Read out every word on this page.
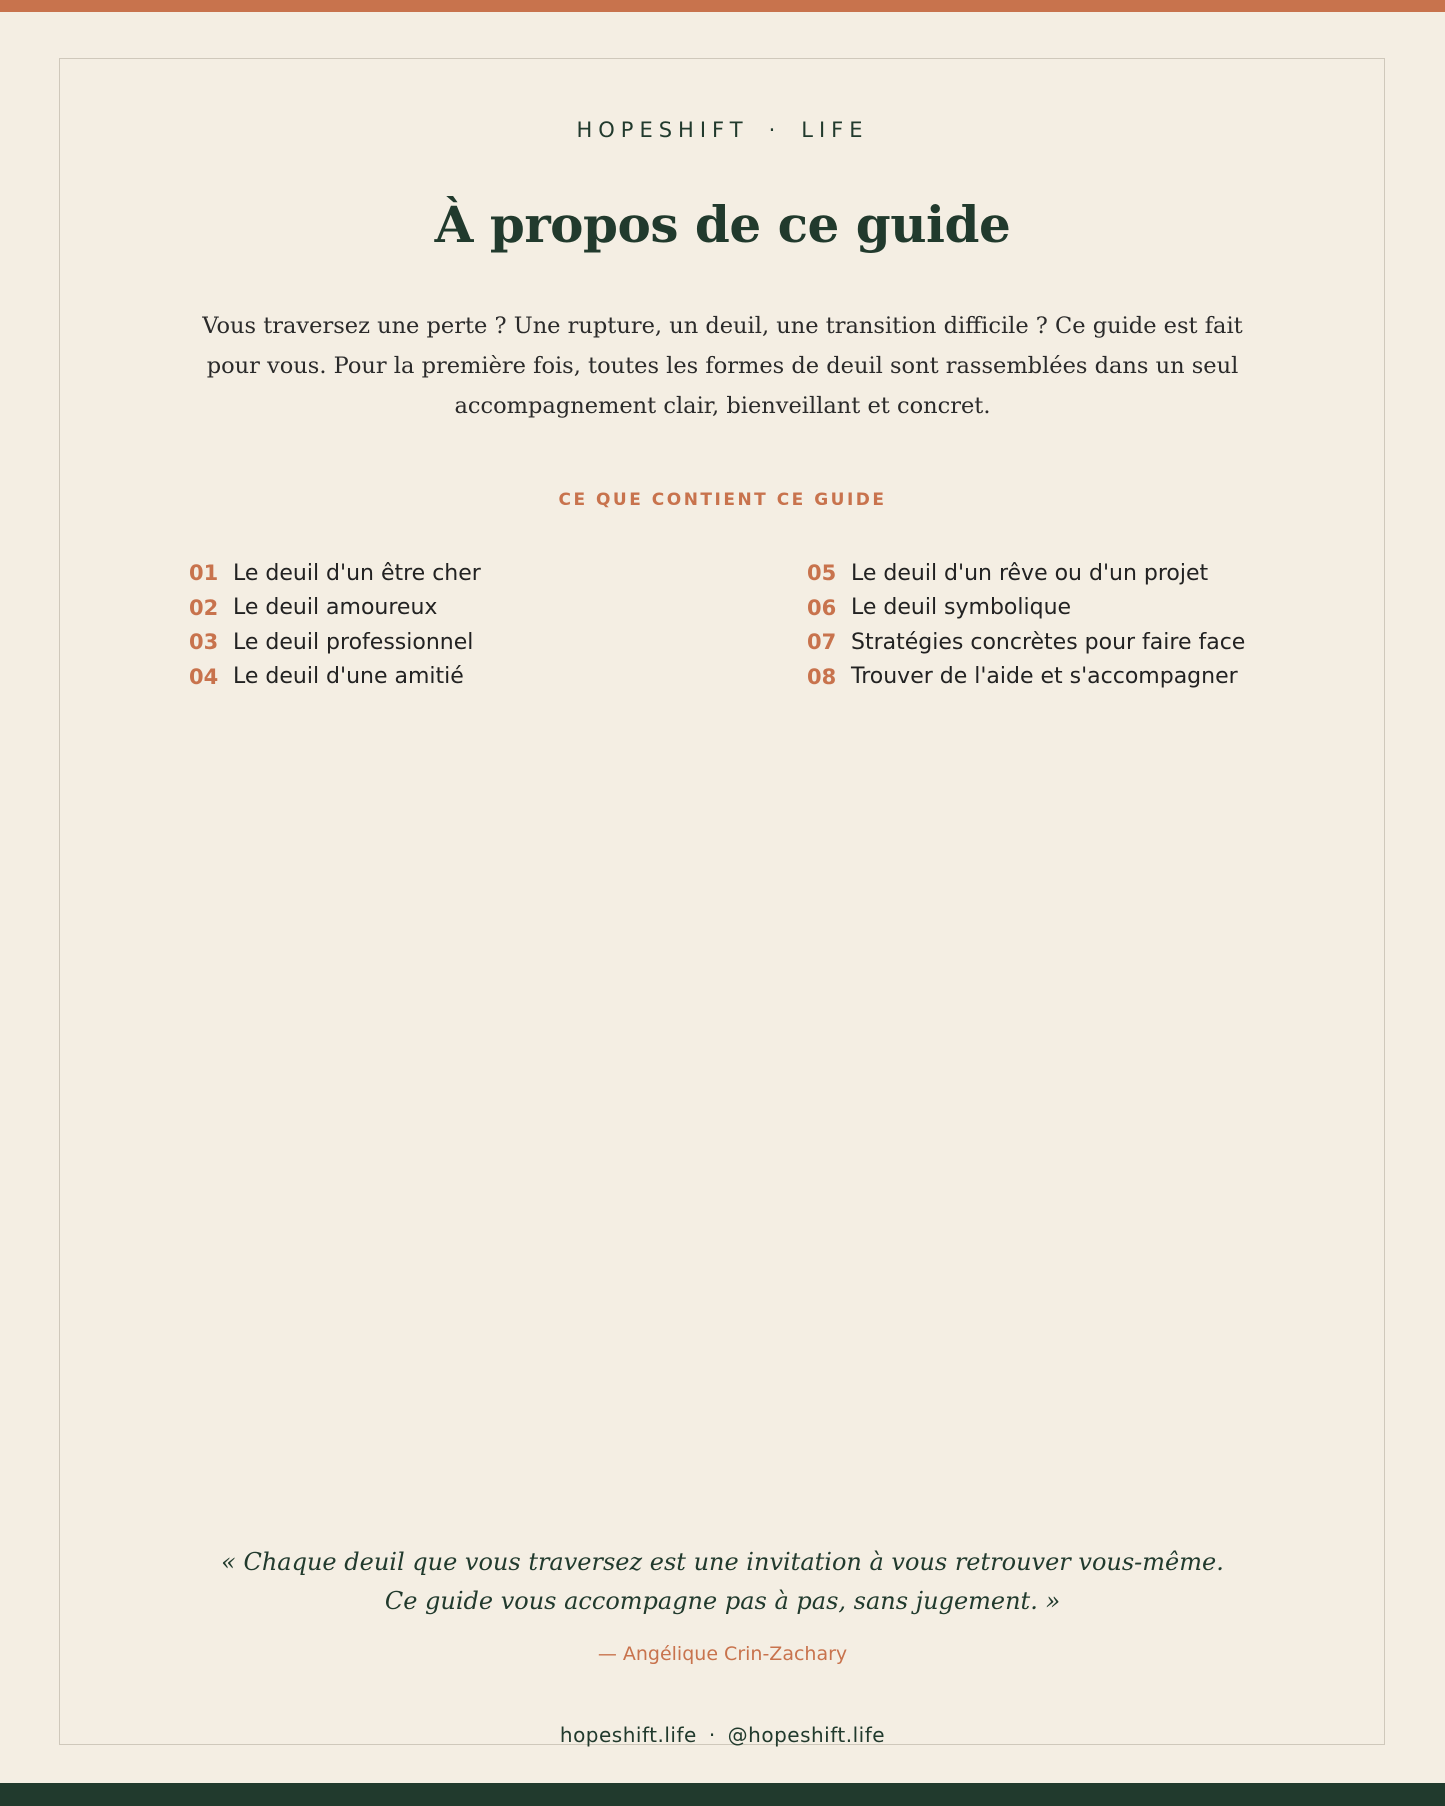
HOPESHIFT · LIFE
À propos de ce guide

Vous traversez une perte ? Une rupture, un deuil, une transition difficile ? Ce guide est fait pour vous. Pour la première fois, toutes les formes de deuil sont rassemblées dans un seul accompagnement clair, bienveillant et concret.

CE QUE CONTIENT CE GUIDE
01 Le deuil d'un être cher
02 Le deuil amoureux
03 Le deuil professionnel
04 Le deuil d'une amitié
05 Le deuil d'un rêve ou d'un projet
06 Le deuil symbolique
07 Stratégies concrètes pour faire face
08 Trouver de l'aide et s'accompagner
« Chaque deuil que vous traversez est une invitation à vous retrouver vous-même.
Ce guide vous accompagne pas à pas, sans jugement. »
— Angélique Crin-Zachary
hopeshift.life · @hopeshift.life
